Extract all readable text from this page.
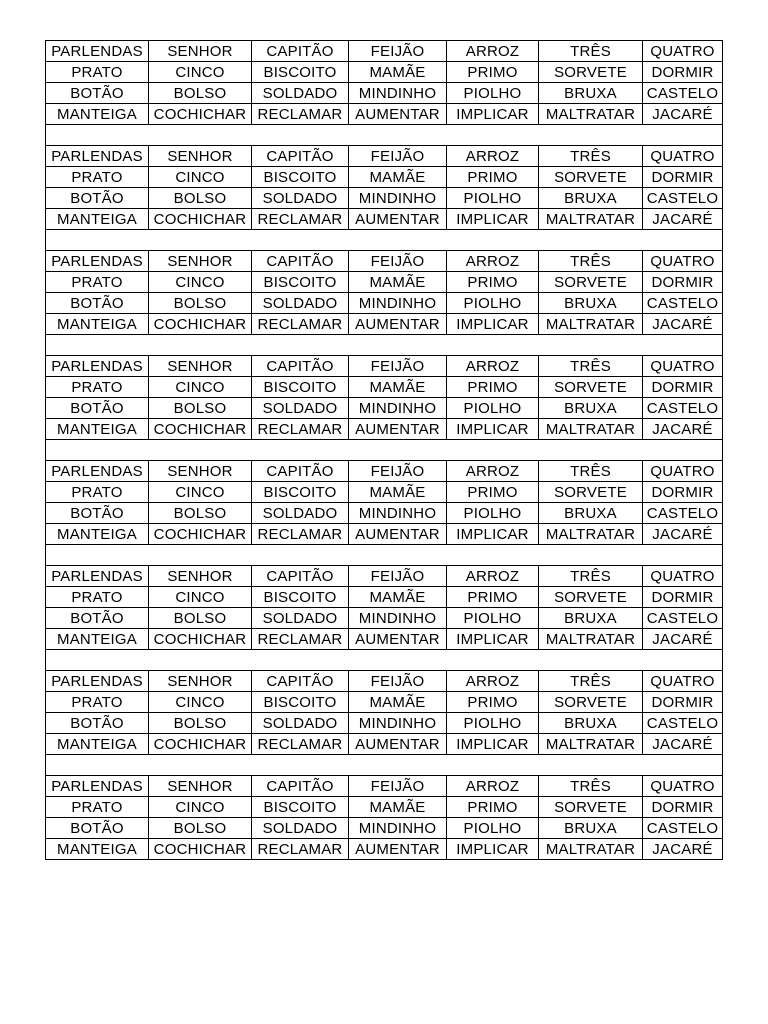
PARLENDAS	SENHOR	CAPITÃO	FEIJÃO	ARROZ	TRÊS	QUATRO
PRATO	CINCO	BISCOITO	MAMÃE	PRIMO	SORVETE	DORMIR
BOTÃO	BOLSO	SOLDADO	MINDINHO	PIOLHO	BRUXA	CASTELO
MANTEIGA	COCHICHAR	RECLAMAR	AUMENTAR	IMPLICAR	MALTRATAR	JACARÉ

PARLENDAS	SENHOR	CAPITÃO	FEIJÃO	ARROZ	TRÊS	QUATRO
PRATO	CINCO	BISCOITO	MAMÃE	PRIMO	SORVETE	DORMIR
BOTÃO	BOLSO	SOLDADO	MINDINHO	PIOLHO	BRUXA	CASTELO
MANTEIGA	COCHICHAR	RECLAMAR	AUMENTAR	IMPLICAR	MALTRATAR	JACARÉ

PARLENDAS	SENHOR	CAPITÃO	FEIJÃO	ARROZ	TRÊS	QUATRO
PRATO	CINCO	BISCOITO	MAMÃE	PRIMO	SORVETE	DORMIR
BOTÃO	BOLSO	SOLDADO	MINDINHO	PIOLHO	BRUXA	CASTELO
MANTEIGA	COCHICHAR	RECLAMAR	AUMENTAR	IMPLICAR	MALTRATAR	JACARÉ

PARLENDAS	SENHOR	CAPITÃO	FEIJÃO	ARROZ	TRÊS	QUATRO
PRATO	CINCO	BISCOITO	MAMÃE	PRIMO	SORVETE	DORMIR
BOTÃO	BOLSO	SOLDADO	MINDINHO	PIOLHO	BRUXA	CASTELO
MANTEIGA	COCHICHAR	RECLAMAR	AUMENTAR	IMPLICAR	MALTRATAR	JACARÉ

PARLENDAS	SENHOR	CAPITÃO	FEIJÃO	ARROZ	TRÊS	QUATRO
PRATO	CINCO	BISCOITO	MAMÃE	PRIMO	SORVETE	DORMIR
BOTÃO	BOLSO	SOLDADO	MINDINHO	PIOLHO	BRUXA	CASTELO
MANTEIGA	COCHICHAR	RECLAMAR	AUMENTAR	IMPLICAR	MALTRATAR	JACARÉ

PARLENDAS	SENHOR	CAPITÃO	FEIJÃO	ARROZ	TRÊS	QUATRO
PRATO	CINCO	BISCOITO	MAMÃE	PRIMO	SORVETE	DORMIR
BOTÃO	BOLSO	SOLDADO	MINDINHO	PIOLHO	BRUXA	CASTELO
MANTEIGA	COCHICHAR	RECLAMAR	AUMENTAR	IMPLICAR	MALTRATAR	JACARÉ

PARLENDAS	SENHOR	CAPITÃO	FEIJÃO	ARROZ	TRÊS	QUATRO
PRATO	CINCO	BISCOITO	MAMÃE	PRIMO	SORVETE	DORMIR
BOTÃO	BOLSO	SOLDADO	MINDINHO	PIOLHO	BRUXA	CASTELO
MANTEIGA	COCHICHAR	RECLAMAR	AUMENTAR	IMPLICAR	MALTRATAR	JACARÉ

PARLENDAS	SENHOR	CAPITÃO	FEIJÃO	ARROZ	TRÊS	QUATRO
PRATO	CINCO	BISCOITO	MAMÃE	PRIMO	SORVETE	DORMIR
BOTÃO	BOLSO	SOLDADO	MINDINHO	PIOLHO	BRUXA	CASTELO
MANTEIGA	COCHICHAR	RECLAMAR	AUMENTAR	IMPLICAR	MALTRATAR	JACARÉ
